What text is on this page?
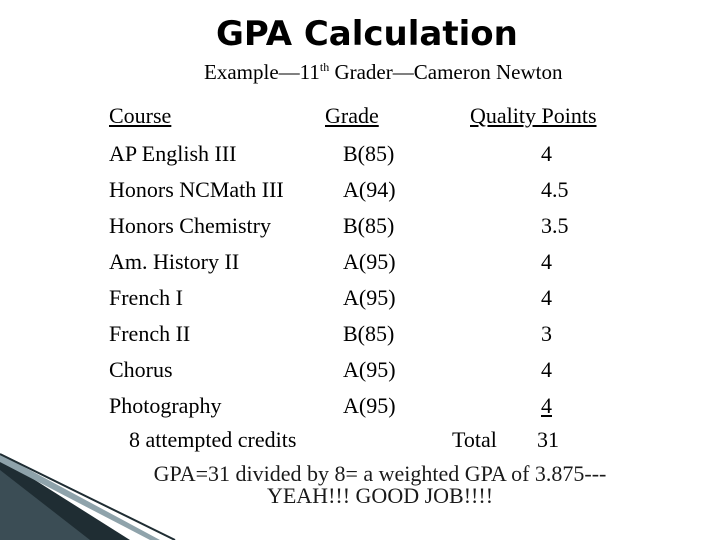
GPA Calculation
Example—11th Grader—Cameron Newton
Course	Grade	Quality Points
AP English III	B(85)	4
Honors NCMath III	A(94)	4.5
Honors Chemistry	B(85)	3.5
Am. History II	A(95)	4
French I	A(95)	4
French II	B(85)	3
Chorus	A(95)	4
Photography	A(95)	4
8 attempted credits	Total 31
GPA=31 divided by 8= a weighted GPA of 3.875---
YEAH!!! GOOD JOB!!!!
